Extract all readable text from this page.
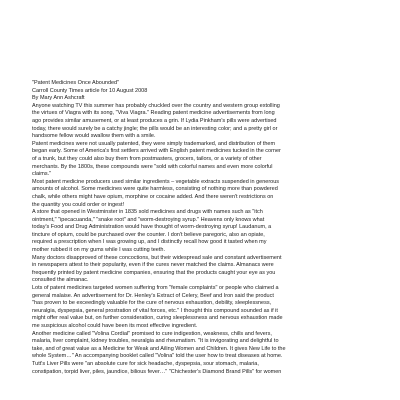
"Patent Medicines Once Abounded"
Carroll County Times article for 10 August 2008
By Mary Ann Ashcraft
Anyone watching TV this summer has probably chuckled over the country and western group extolling
the virtues of Viagra with its song, "Viva Viagra." Reading patent medicine advertisements from long
ago provides similar amusement, or at least produces a grin. If Lydia Pinkham's pills were advertised
today, there would surely be a catchy jingle; the pills would be an interesting color; and a pretty girl or
handsome fellow would swallow them with a smile.
Patent medicines were not usually patented, they were simply trademarked, and distribution of them
began early. Some of America's first settlers arrived with English patent medicines tucked in the corner
of a trunk, but they could also buy them from postmasters, grocers, tailors, or a variety of other
merchants. By the 1800s, these compounds were "sold with colorful names and even more colorful
claims."
Most patent medicine producers used similar ingredients – vegetable extracts suspended in generous
amounts of alcohol. Some medicines were quite harmless, consisting of nothing more than powdered
chalk, while others might have opium, morphine or cocaine added. And there weren't restrictions on
the quantity you could order or ingest!
A store that opened in Westminster in 1835 sold medicines and drugs with names such as "itch
ointment," "ipecacuanda," "snake root" and "worm-destroying syrup." Heavens only knows what
today's Food and Drug Administration would have thought of worm-destroying syrup! Laudanum, a
tincture of opium, could be purchased over the counter. I don't believe paregoric, also an opiate,
required a prescription when I was growing up, and I distinctly recall how good it tasted when my
mother rubbed it on my gums while I was cutting teeth.
Many doctors disapproved of these concoctions, but their widespread sale and constant advertisement
in newspapers attest to their popularity, even if the cures never matched the claims. Almanacs were
frequently printed by patent medicine companies, ensuring that the products caught your eye as you
consulted the almanac.
Lots of patent medicines targeted women suffering from "female complaints" or people who claimed a
general malaise. An advertisement for Dr. Henley's Extract of Celery, Beef and Iron said the product
"has proven to be exceedingly valuable for the cure of nervous exhaustion, debility, sleeplessness,
neuralgia, dyspepsia, general prostration of vital forces, etc." I thought this compound sounded as if it
might offer real value but, on further consideration, curing sleeplessness and nervous exhaustion made
me suspicious alcohol could have been its most effective ingredient.
Another medicine called "Volina Cordial" promised to cure indigestion, weakness, chills and fevers,
malaria, liver complaint, kidney troubles, neuralgia and rheumatism. "It is invigorating and delightful to
take, and of great value as a Medicine for Weak and Ailing Women and Children. It gives New Life to the
whole System…" An accompanying booklet called "Volina" told the user how to treat diseases at home.
Tutt's Liver Pills were "an absolute cure for sick headache, dyspepsia, sour stomach, malaria,
constipation, torpid liver, piles, jaundice, bilious fever…" "Chichester's Diamond Brand Pills" for women
